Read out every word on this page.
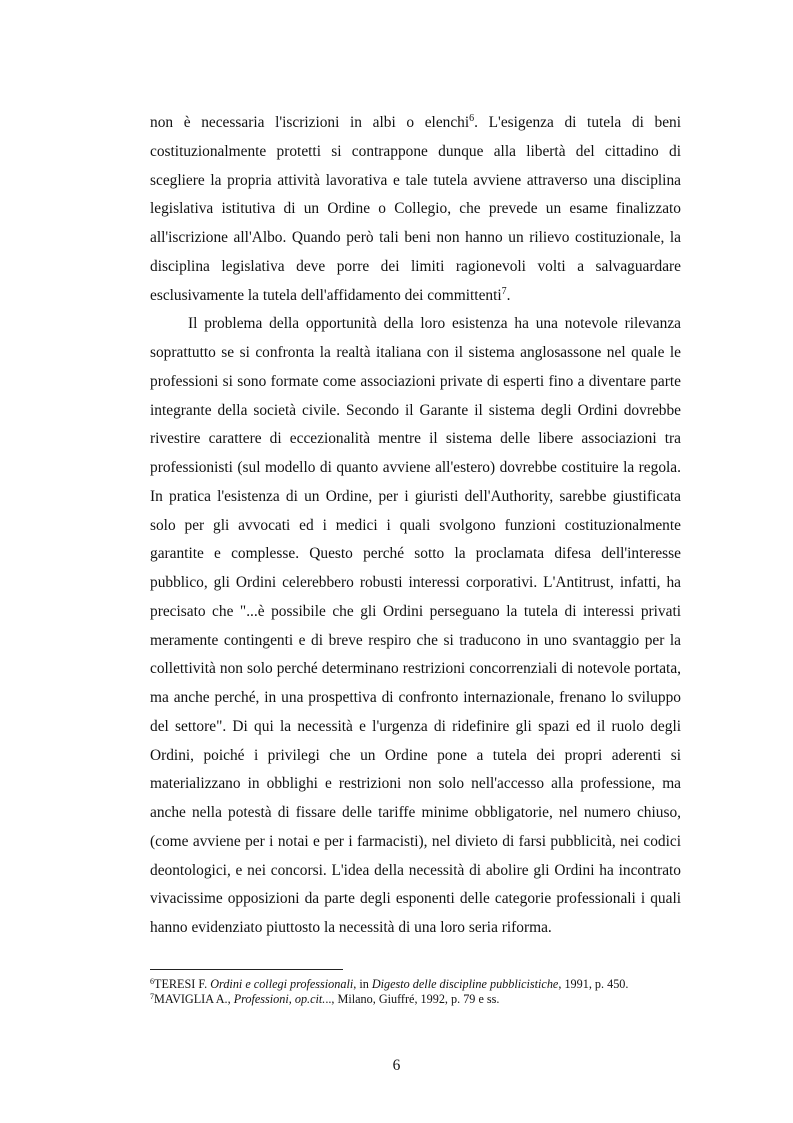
non è necessaria l'iscrizioni in albi o elenchi$^6$. L'esigenza di tutela di beni costituzionalmente protetti si contrappone dunque alla libertà del cittadino di scegliere la propria attività lavorativa e tale tutela avviene attraverso una disciplina legislativa istitutiva di un Ordine o Collegio, che prevede un esame finalizzato all'iscrizione all'Albo. Quando però tali beni non hanno un rilievo costituzionale, la disciplina legislativa deve porre dei limiti ragionevoli volti a salvaguardare esclusivamente la tutela dell'affidamento dei committenti$^7$.

Il problema della opportunità della loro esistenza ha una notevole rilevanza soprattutto se si confronta la realtà italiana con il sistema anglosassone nel quale le professioni si sono formate come associazioni private di esperti fino a diventare parte integrante della società civile. Secondo il Garante il sistema degli Ordini dovrebbe rivestire carattere di eccezionalità mentre il sistema delle libere associazioni tra professionisti (sul modello di quanto avviene all'estero) dovrebbe costituire la regola. In pratica l'esistenza di un Ordine, per i giuristi dell'Authority, sarebbe giustificata solo per gli avvocati ed i medici i quali svolgono funzioni costituzionalmente garantite e complesse. Questo perché sotto la proclamata difesa dell'interesse pubblico, gli Ordini celerebbero robusti interessi corporativi. L'Antitrust, infatti, ha precisato che "...è possibile che gli Ordini perseguano la tutela di interessi privati meramente contingenti e di breve respiro che si traducono in uno svantaggio per la collettività non solo perché determinano restrizioni concorrenziali di notevole portata, ma anche perché, in una prospettiva di confronto internazionale, frenano lo sviluppo del settore". Di qui la necessità e l'urgenza di ridefinire gli spazi ed il ruolo degli Ordini, poiché i privilegi che un Ordine pone a tutela dei propri aderenti si materializzano in obblighi e restrizioni non solo nell'accesso alla professione, ma anche nella potestà di fissare delle tariffe minime obbligatorie, nel numero chiuso, (come avviene per i notai e per i farmacisti), nel divieto di farsi pubblicità, nei codici deontologici, e nei concorsi. L'idea della necessità di abolire gli Ordini ha incontrato vivacissime opposizioni da parte degli esponenti delle categorie professionali i quali hanno evidenziato piuttosto la necessità di una loro seria riforma.

$^6$TERESI F. Ordini e collegi professionali, in Digesto delle discipline pubblicistiche, 1991, p. 450.
$^7$MAVIGLIA A., Professioni, op.cit..., Milano, Giuffré, 1992, p. 79 e ss.
6
